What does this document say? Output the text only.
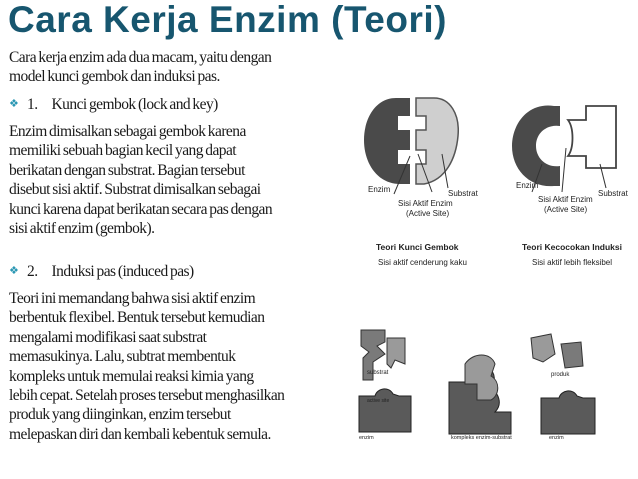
Cara Kerja Enzim (Teori)

Cara kerja enzim ada dua macam, yaitu dengan

model kunci gembok dan induksi pas.

❖ 1. Kunci gembok (lock and key)

Enzim dimisalkan sebagai gembok karena

memiliki sebuah bagian kecil yang dapat

berikatan dengan substrat. Bagian tersebut

disebut sisi aktif. Substrat dimisalkan sebagai

kunci karena dapat berikatan secara pas dengan

sisi aktif enzim (gembok).

❖ 2. Induksi pas (induced pas)

Teori ini memandang bahwa sisi aktif enzim

berbentuk flexibel. Bentuk tersebut kemudian

mengalami modifikasi saat substrat

memasukinya. Lalu, subtrat membentuk

kompleks untuk memulai reaksi kimia yang

lebih cepat. Setelah proses tersebut menghasilkan

produk yang diinginkan, enzim tersebut

melepaskan diri dan kembali kebentuk semula.

Enzim
Sisi Aktif Enzim
(Active Site)
Substrat
Teori Kunci Gembok
Sisi aktif cenderung kaku
Enzim
Sisi Aktif Enzim
(Active Site)
Substrat
Teori Kecocokan Induksi
Sisi aktif lebih fleksibel
substrat
active site
enzim	kompleks enzim-substrat
produk
enzim
